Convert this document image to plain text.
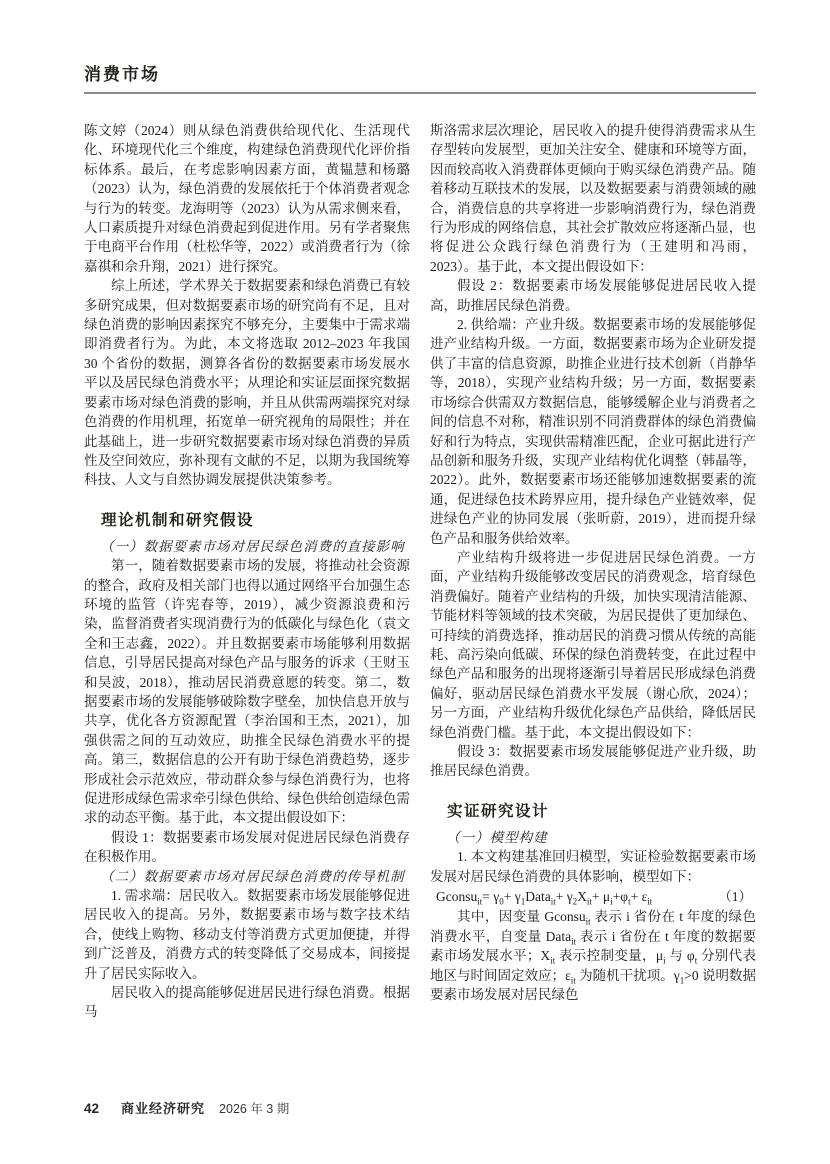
消费市场

陈文婷（2024）则从绿色消费供给现代化、生活现代化、环境现代化三个维度，构建绿色消费现代化评价指标体系。最后，在考虑影响因素方面，黄韫慧和杨璐（2023）认为，绿色消费的发展依托于个体消费者观念与行为的转变。龙海明等（2023）认为从需求侧来看，人口素质提升对绿色消费起到促进作用。另有学者聚焦于电商平台作用（杜松华等，2022）或消费者行为（徐嘉祺和佘升翔，2021）进行探究。

综上所述，学术界关于数据要素和绿色消费已有较多研究成果，但对数据要素市场的研究尚有不足，且对绿色消费的影响因素探究不够充分，主要集中于需求端即消费者行为。为此，本文将选取 2012–2023 年我国 30 个省份的数据，测算各省份的数据要素市场发展水平以及居民绿色消费水平；从理论和实证层面探究数据要素市场对绿色消费的影响，并且从供需两端探究对绿色消费的作用机理，拓宽单一研究视角的局限性；并在此基础上，进一步研究数据要素市场对绿色消费的异质性及空间效应，弥补现有文献的不足，以期为我国统筹科技、人文与自然协调发展提供决策参考。

理论机制和研究假设

（一）数据要素市场对居民绿色消费的直接影响

第一，随着数据要素市场的发展，将推动社会资源的整合，政府及相关部门也得以通过网络平台加强生态环境的监管（许宪春等，2019），减少资源浪费和污染，监督消费者实现消费行为的低碳化与绿色化（袁文全和王志鑫，2022）。并且数据要素市场能够利用数据信息，引导居民提高对绿色产品与服务的诉求（王财玉和吴波，2018），推动居民消费意愿的转变。第二，数据要素市场的发展能够破除数字壁垒，加快信息开放与共享，优化各方资源配置（李治国和王杰，2021），加强供需之间的互动效应，助推全民绿色消费水平的提高。第三，数据信息的公开有助于绿色消费趋势，逐步形成社会示范效应，带动群众参与绿色消费行为，也将促进形成绿色需求牵引绿色供给、绿色供给创造绿色需求的动态平衡。基于此，本文提出假设如下：

假设 1：数据要素市场发展对促进居民绿色消费存在积极作用。

（二）数据要素市场对居民绿色消费的传导机制

1. 需求端：居民收入。数据要素市场发展能够促进居民收入的提高。另外，数据要素市场与数字技术结合，使线上购物、移动支付等消费方式更加便捷，并得到广泛普及，消费方式的转变降低了交易成本，间接提升了居民实际收入。

居民收入的提高能够促进居民进行绿色消费。根据马

斯洛需求层次理论，居民收入的提升使得消费需求从生存型转向发展型，更加关注安全、健康和环境等方面，因而较高收入消费群体更倾向于购买绿色消费产品。随着移动互联技术的发展，以及数据要素与消费领域的融合，消费信息的共享将进一步影响消费行为，绿色消费行为形成的网络信息，其社会扩散效应将逐渐凸显，也将促进公众践行绿色消费行为（王建明和冯雨，2023）。基于此，本文提出假设如下：

假设 2：数据要素市场发展能够促进居民收入提高，助推居民绿色消费。

2. 供给端：产业升级。数据要素市场的发展能够促进产业结构升级。一方面，数据要素市场为企业研发提供了丰富的信息资源，助推企业进行技术创新（肖静华等，2018），实现产业结构升级；另一方面，数据要素市场综合供需双方数据信息，能够缓解企业与消费者之间的信息不对称，精准识别不同消费群体的绿色消费偏好和行为特点，实现供需精准匹配，企业可据此进行产品创新和服务升级，实现产业结构优化调整（韩晶等，2022）。此外，数据要素市场还能够加速数据要素的流通，促进绿色技术跨界应用，提升绿色产业链效率，促进绿色产业的协同发展（张昕蔚，2019），进而提升绿色产品和服务供给效率。

产业结构升级将进一步促进居民绿色消费。一方面，产业结构升级能够改变居民的消费观念，培育绿色消费偏好。随着产业结构的升级，加快实现清洁能源、节能材料等领域的技术突破，为居民提供了更加绿色、可持续的消费选择，推动居民的消费习惯从传统的高能耗、高污染向低碳、环保的绿色消费转变，在此过程中绿色产品和服务的出现将逐渐引导着居民形成绿色消费偏好，驱动居民绿色消费水平发展（谢心欣，2024）；另一方面，产业结构升级优化绿色产品供给，降低居民绿色消费门槛。基于此，本文提出假设如下：

假设 3：数据要素市场发展能够促进产业升级，助推居民绿色消费。

实证研究设计

（一）模型构建

1. 本文构建基准回归模型，实证检验数据要素市场发展对居民绿色消费的具体影响，模型如下：

Gconsu$_{it}$= $\gamma_0+$ $\gamma_1Data_{it}+ \gamma_2X_{it}+ \mu_i+\varphi_t+ \varepsilon_{it}$	（1）

其中，因变量 Gconsu$_{it}$ 表示 i 省份在 t 年度的绿色消费水平，自变量 Data$_{it}$ 表示 i 省份在 t 年度的数据要素市场发展水平；$X_{it}$ 表示控制变量，$\mu_i$ 与 $\varphi_t$ 分别代表地区与时间固定效应；$\varepsilon_{it}$ 为随机干扰项。$\gamma_1>0$ 说明数据要素市场发展对居民绿色

42 商业经济研究 2026 年 3 期
